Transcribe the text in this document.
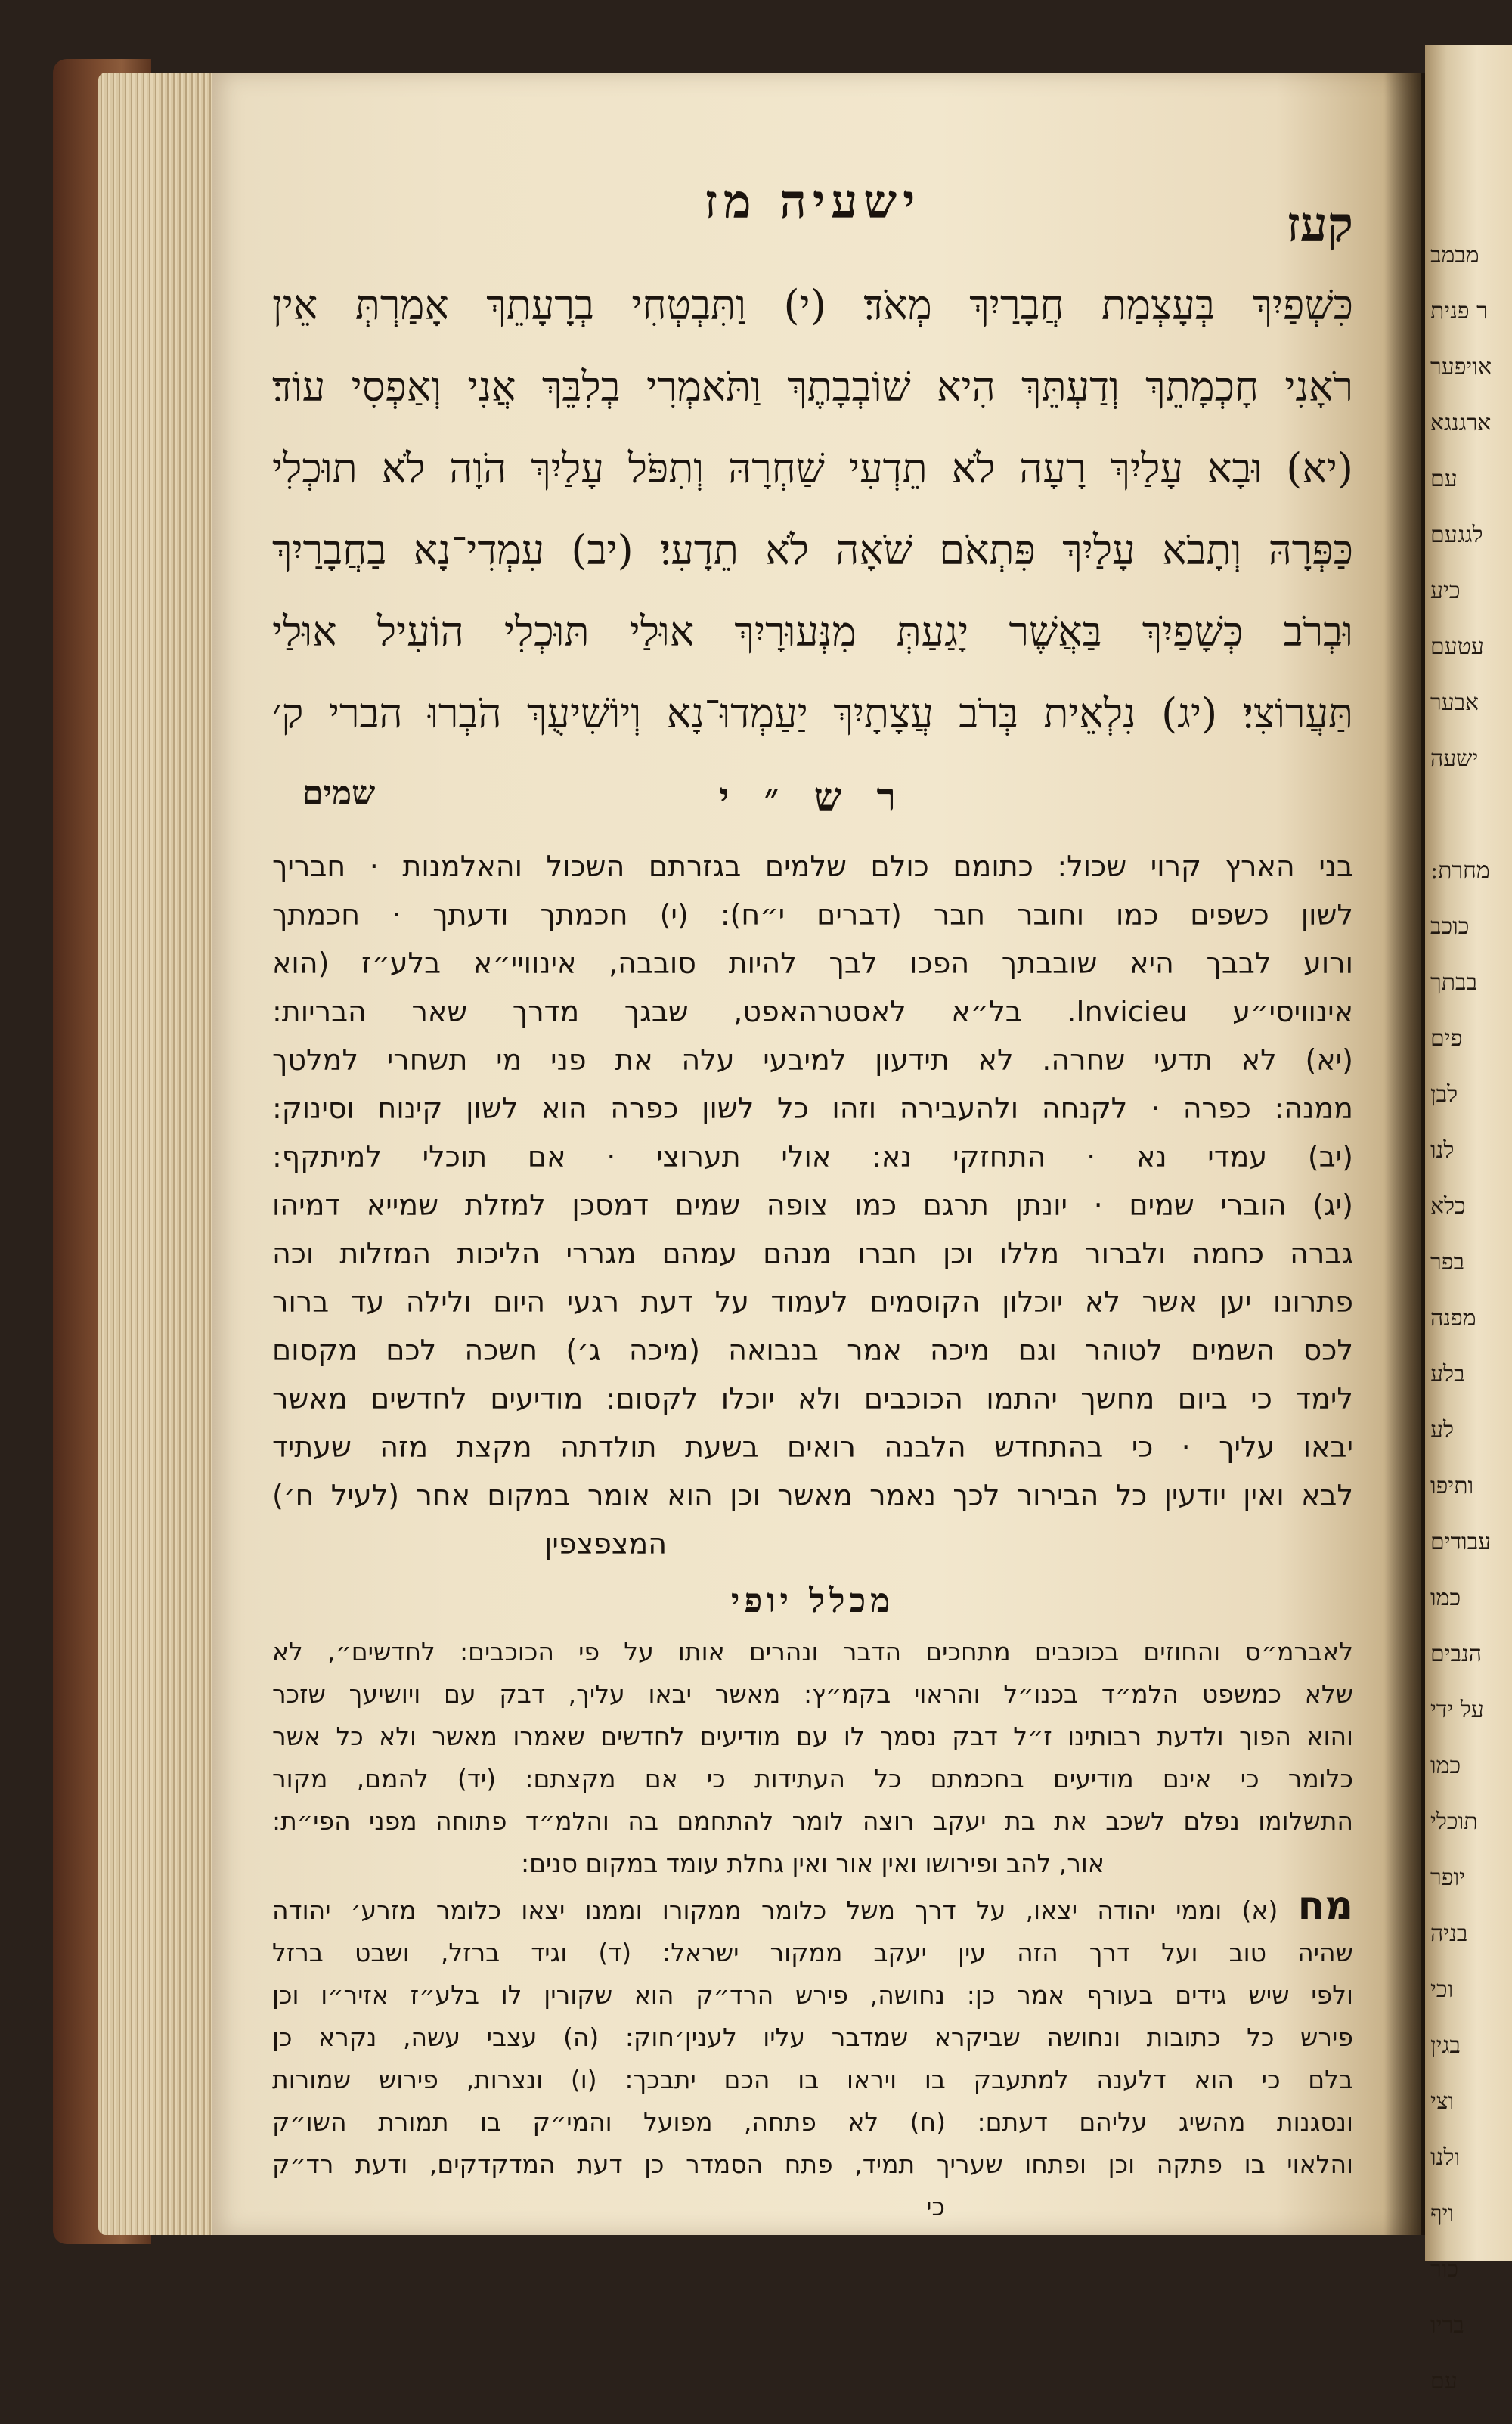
קעז
ישעיה מז
כִּשְׁפַיִךְ בְּעָצְמַת חֲבָרַיִךְ מְאֹד׃ (י) וַתִּבְטְחִי בְרָעָתֵךְ אָמַרְתְּ אֵין
רֹאָנִי חָכְמָתֵךְ וְדַעְתֵּךְ הִיא שׁוֹבְבָתֶךְ וַתֹּאמְרִי בְלִבֵּךְ אֲנִי וְאַפְסִי עוֹד׃
(יא) וּבָא עָלַיִךְ רָעָה לֹא תֵדְעִי שַׁחְרָהּ וְתִפֹּל עָלַיִךְ הֹוָה לֹא תוּכְלִי
כַּפְּרָהּ וְתָבֹא עָלַיִךְ פִּתְאֹם שֹׁאָה לֹא תֵדָעִי׃ (יב) עִמְדִי־נָא בַחֲבָרַיִךְ
וּבְרֹב כְּשָׁפַיִךְ בַּאֲשֶׁר יָגַעַתְּ מִנְּעוּרָיִךְ אוּלַי תּוּכְלִי הוֹעִיל אוּלַי
תַּעֲרוֹצִי׃ (יג) נִלְאֵית בְּרֹב עֲצָתָיִךְ יַעַמְדוּ־נָא וְיוֹשִׁיעֻךְ הֹבְרוּ הברי ק׳
ר ש ״ י
שמים
בני הארץ קרוי שכול: כתומם כולם שלמים בגזרתם השכול והאלמנות · חבריך
לשון כשפים כמו וחובר חבר (דברים י״ח): (י) חכמתך ודעתך · חכמתך
ורוע לבבך היא שובבתך הפכו לבך להיות סובבה, אינוויי״א בלע״ז (הוא
אינוויסי״ע Invicieu. בל״א לאסטרהאפט, שבגך מדרך שאר הבריות:
(יא) לא תדעי שחרה. לא תידעון למיבעי עלה את פני מי תשחרי למלטך
ממנה: כפרה · לקנחה ולהעבירה וזהו כל לשון כפרה הוא לשון קינוח וסינוק:
(יב) עמדי נא · התחזקי נא: אולי תערוצי · אם תוכלי למיתקף:
(יג) הוברי שמים · יונתן תרגם כמו צופה שמים דמסכן למזלת שמייא דמיהו
גברה כחמה ולברור מללו וכן חברו מנהם עמהם מגררי הליכות המזלות וכה
פתרונו יען אשר לא יוכלון הקוסמים לעמוד על דעת רגעי היום ולילה עד ברור
לכס השמים לטוהר וגם מיכה אמר בנבואה (מיכה ג׳) חשכה לכם מקסום
לימד כי ביום מחשך יהתמו הכוכבים ולא יוכלו לקסום: מודיעים לחדשים מאשר
יבאו עליך · כי בהתחדש הלבנה רואים בשעת תולדתה מקצת מזה שעתיד
לבא ואין יודעין כל הבירור לכך נאמר מאשר וכן הוא אומר במקום אחר (לעיל ח׳)
המצפצפין
מכלל יופי
לאברמ״ס והחוזים בכוכבים מתחכים הדבר ונהרים אותו על פי הכוכבים: לחדשים״, לא
שלא כמשפט הלמ״ד בכנו״ל והראוי בקמ״ץ: מאשר יבאו עליך, דבק עם ויושיעך שזכר
והוא הפוך ולדעת רבותינו ז״ל דבק נסמך לו עם מודיעים לחדשים שאמרו מאשר ולא כל אשר
כלומר כי אינם מודיעים בחכמתם כל העתידות כי אם מקצתם: (יד) להמם, מקור
התשלומו נפלם לשכב את בת יעקב רוצה לומר להתחמם בה והלמ״ד פתוחה מפני הפי״ת:
אור, להב ופירושו ואין אור ואין גחלת עומד במקום סנים:
מח (א) וממי יהודה יצאו, על דרך משל כלומר ממקורו וממנו יצאו כלומר מזרע׳ יהודה
שהיה טוב ועל דרך הזה עין יעקב ממקור ישראל: (ד) וגיד ברזל, ושבט ברזל
ולפי שיש גידים בעורף אמר כן: נחושה, פירש הרד״ק הוא שקורין לו בלע״ז אזיר״ו וכן
פירש כל כתובות ונחושה שביקרא שמדבר עליו לענין׳חוק: (ה) עצבי עשה, נקרא כן
בלם כי הוא דלענה למתעבק בו ויראו בו הכם יתבכך: (ו) ונצרות, פירוש שמורות
ונסגנות מהשיג עליהם דעתם: (ח) לא פתחה, מפועל והמי״ק בו תמורת השו״ק
והלאוי בו פתקה וכן ופתחו שעריך תמיד, פתח הסמדר כן דעת המדקדקים, ודעת רד״ק
כי
מבמב
ר פנית
אויפער
ארגנגא
עם
לגגעם
כיע
עטעם
אבער
ישעה
מחרת:
כוכב
בבתך
פים
לבן
לנו
כלא
בפר
מפנה
בלע
לע
ותיפו
עבודים
כמו
הנבים
על ידי
כמו
תוכלי
יופר
בניה
וכי
בגין
וצי
ולנו
ויף
כור
בריו
עם
